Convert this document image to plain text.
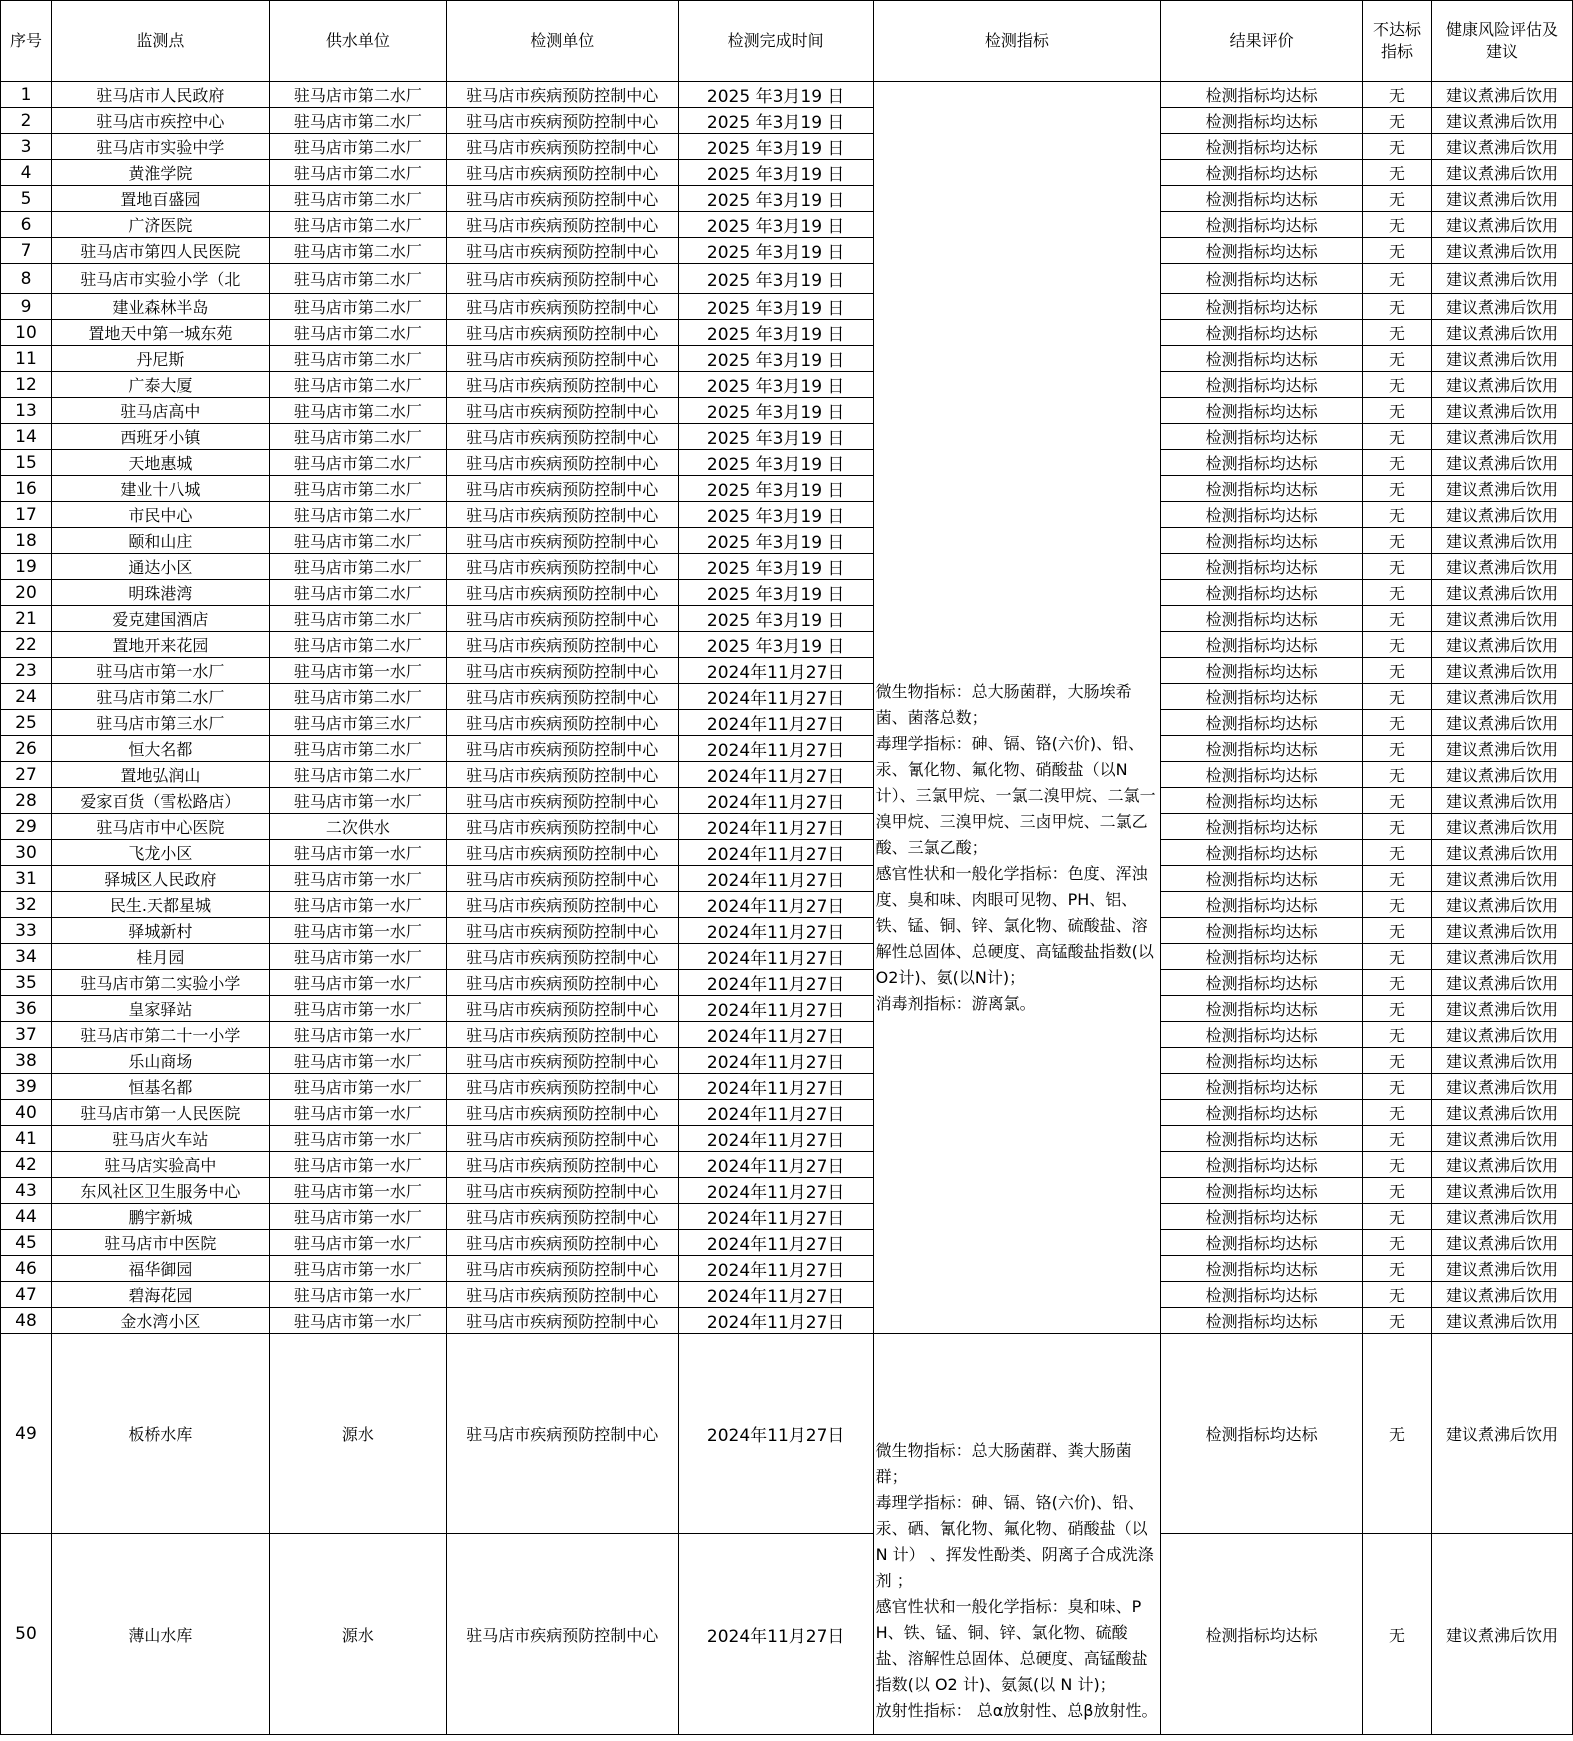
序号	监测点	供水单位	检测单位	检测完成时间	检测指标	结果评价	不达标指标	健康风险评估及建议
1	驻马店市人民政府	驻马店市第二水厂	驻马店市疾病预防控制中心	2025 年3月19 日	微生物指标：总大肠菌群，大肠埃希菌、菌落总数；
毒理学指标：砷、镉、铬(六价)、铅、汞、氰化物、氟化物、硝酸盐（以N计）、三氯甲烷、一氯二溴甲烷、二氯一溴甲烷、三溴甲烷、三卤甲烷、二氯乙酸、三氯乙酸；
感官性状和一般化学指标：色度、浑浊度、臭和味、肉眼可见物、PH、铝、铁、锰、铜、锌、氯化物、硫酸盐、溶解性总固体、总硬度、高锰酸盐指数(以O2计)、氨(以N计)；
消毒剂指标：游离氯。	检测指标均达标	无	建议煮沸后饮用
2	驻马店市疾控中心	驻马店市第二水厂	驻马店市疾病预防控制中心	2025 年3月19 日		检测指标均达标	无	建议煮沸后饮用
3	驻马店市实验中学	驻马店市第二水厂	驻马店市疾病预防控制中心	2025 年3月19 日		检测指标均达标	无	建议煮沸后饮用
4	黄淮学院	驻马店市第二水厂	驻马店市疾病预防控制中心	2025 年3月19 日		检测指标均达标	无	建议煮沸后饮用
5	置地百盛园	驻马店市第二水厂	驻马店市疾病预防控制中心	2025 年3月19 日		检测指标均达标	无	建议煮沸后饮用
6	广济医院	驻马店市第二水厂	驻马店市疾病预防控制中心	2025 年3月19 日		检测指标均达标	无	建议煮沸后饮用
7	驻马店市第四人民医院	驻马店市第二水厂	驻马店市疾病预防控制中心	2025 年3月19 日		检测指标均达标	无	建议煮沸后饮用
8	驻马店市实验小学（北	驻马店市第二水厂	驻马店市疾病预防控制中心	2025 年3月19 日		检测指标均达标	无	建议煮沸后饮用
9	建业森林半岛	驻马店市第二水厂	驻马店市疾病预防控制中心	2025 年3月19 日		检测指标均达标	无	建议煮沸后饮用
10	置地天中第一城东苑	驻马店市第二水厂	驻马店市疾病预防控制中心	2025 年3月19 日		检测指标均达标	无	建议煮沸后饮用
11	丹尼斯	驻马店市第二水厂	驻马店市疾病预防控制中心	2025 年3月19 日		检测指标均达标	无	建议煮沸后饮用
12	广泰大厦	驻马店市第二水厂	驻马店市疾病预防控制中心	2025 年3月19 日		检测指标均达标	无	建议煮沸后饮用
13	驻马店高中	驻马店市第二水厂	驻马店市疾病预防控制中心	2025 年3月19 日		检测指标均达标	无	建议煮沸后饮用
14	西班牙小镇	驻马店市第二水厂	驻马店市疾病预防控制中心	2025 年3月19 日		检测指标均达标	无	建议煮沸后饮用
15	天地惠城	驻马店市第二水厂	驻马店市疾病预防控制中心	2025 年3月19 日		检测指标均达标	无	建议煮沸后饮用
16	建业十八城	驻马店市第二水厂	驻马店市疾病预防控制中心	2025 年3月19 日		检测指标均达标	无	建议煮沸后饮用
17	市民中心	驻马店市第二水厂	驻马店市疾病预防控制中心	2025 年3月19 日		检测指标均达标	无	建议煮沸后饮用
18	颐和山庄	驻马店市第二水厂	驻马店市疾病预防控制中心	2025 年3月19 日		检测指标均达标	无	建议煮沸后饮用
19	通达小区	驻马店市第二水厂	驻马店市疾病预防控制中心	2025 年3月19 日		检测指标均达标	无	建议煮沸后饮用
20	明珠港湾	驻马店市第二水厂	驻马店市疾病预防控制中心	2025 年3月19 日		检测指标均达标	无	建议煮沸后饮用
21	爱克建国酒店	驻马店市第二水厂	驻马店市疾病预防控制中心	2025 年3月19 日		检测指标均达标	无	建议煮沸后饮用
22	置地开来花园	驻马店市第二水厂	驻马店市疾病预防控制中心	2025 年3月19 日		检测指标均达标	无	建议煮沸后饮用
23	驻马店市第一水厂	驻马店市第一水厂	驻马店市疾病预防控制中心	2024年11月27日		检测指标均达标	无	建议煮沸后饮用
24	驻马店市第二水厂	驻马店市第二水厂	驻马店市疾病预防控制中心	2024年11月27日		检测指标均达标	无	建议煮沸后饮用
25	驻马店市第三水厂	驻马店市第三水厂	驻马店市疾病预防控制中心	2024年11月27日		检测指标均达标	无	建议煮沸后饮用
26	恒大名都	驻马店市第二水厂	驻马店市疾病预防控制中心	2024年11月27日		检测指标均达标	无	建议煮沸后饮用
27	置地弘润山	驻马店市第二水厂	驻马店市疾病预防控制中心	2024年11月27日		检测指标均达标	无	建议煮沸后饮用
28	爱家百货（雪松路店）	驻马店市第一水厂	驻马店市疾病预防控制中心	2024年11月27日		检测指标均达标	无	建议煮沸后饮用
29	驻马店市中心医院	二次供水	驻马店市疾病预防控制中心	2024年11月27日		检测指标均达标	无	建议煮沸后饮用
30	飞龙小区	驻马店市第一水厂	驻马店市疾病预防控制中心	2024年11月27日		检测指标均达标	无	建议煮沸后饮用
31	驿城区人民政府	驻马店市第一水厂	驻马店市疾病预防控制中心	2024年11月27日		检测指标均达标	无	建议煮沸后饮用
32	民生.天都星城	驻马店市第一水厂	驻马店市疾病预防控制中心	2024年11月27日		检测指标均达标	无	建议煮沸后饮用
33	驿城新村	驻马店市第一水厂	驻马店市疾病预防控制中心	2024年11月27日		检测指标均达标	无	建议煮沸后饮用
34	桂月园	驻马店市第一水厂	驻马店市疾病预防控制中心	2024年11月27日		检测指标均达标	无	建议煮沸后饮用
35	驻马店市第二实验小学	驻马店市第一水厂	驻马店市疾病预防控制中心	2024年11月27日		检测指标均达标	无	建议煮沸后饮用
36	皇家驿站	驻马店市第一水厂	驻马店市疾病预防控制中心	2024年11月27日		检测指标均达标	无	建议煮沸后饮用
37	驻马店市第二十一小学	驻马店市第一水厂	驻马店市疾病预防控制中心	2024年11月27日		检测指标均达标	无	建议煮沸后饮用
38	乐山商场	驻马店市第一水厂	驻马店市疾病预防控制中心	2024年11月27日		检测指标均达标	无	建议煮沸后饮用
39	恒基名都	驻马店市第一水厂	驻马店市疾病预防控制中心	2024年11月27日		检测指标均达标	无	建议煮沸后饮用
40	驻马店市第一人民医院	驻马店市第一水厂	驻马店市疾病预防控制中心	2024年11月27日		检测指标均达标	无	建议煮沸后饮用
41	驻马店火车站	驻马店市第一水厂	驻马店市疾病预防控制中心	2024年11月27日		检测指标均达标	无	建议煮沸后饮用
42	驻马店实验高中	驻马店市第一水厂	驻马店市疾病预防控制中心	2024年11月27日		检测指标均达标	无	建议煮沸后饮用
43	东风社区卫生服务中心	驻马店市第一水厂	驻马店市疾病预防控制中心	2024年11月27日		检测指标均达标	无	建议煮沸后饮用
44	鹏宇新城	驻马店市第一水厂	驻马店市疾病预防控制中心	2024年11月27日		检测指标均达标	无	建议煮沸后饮用
45	驻马店市中医院	驻马店市第一水厂	驻马店市疾病预防控制中心	2024年11月27日		检测指标均达标	无	建议煮沸后饮用
46	福华御园	驻马店市第一水厂	驻马店市疾病预防控制中心	2024年11月27日		检测指标均达标	无	建议煮沸后饮用
47	碧海花园	驻马店市第一水厂	驻马店市疾病预防控制中心	2024年11月27日		检测指标均达标	无	建议煮沸后饮用
48	金水湾小区	驻马店市第一水厂	驻马店市疾病预防控制中心	2024年11月27日		检测指标均达标	无	建议煮沸后饮用
49	板桥水库	源水	驻马店市疾病预防控制中心	2024年11月27日	微生物指标：总大肠菌群、粪大肠菌群；
毒理学指标：砷、镉、铬(六价)、铅、汞、硒、氰化物、氟化物、硝酸盐（以 N 计） 、挥发性酚类、阴离子合成洗涤剂 ；
感官性状和一般化学指标：臭和味、PH、铁、锰、铜、锌、氯化物、硫酸盐、溶解性总固体、总硬度、高锰酸盐指数(以 O2 计)、氨氮(以 N 计)；
放射性指标： 总α放射性、总β放射性。	检测指标均达标	无	建议煮沸后饮用
50	薄山水库	源水	驻马店市疾病预防控制中心	2024年11月27日		检测指标均达标	无	建议煮沸后饮用
